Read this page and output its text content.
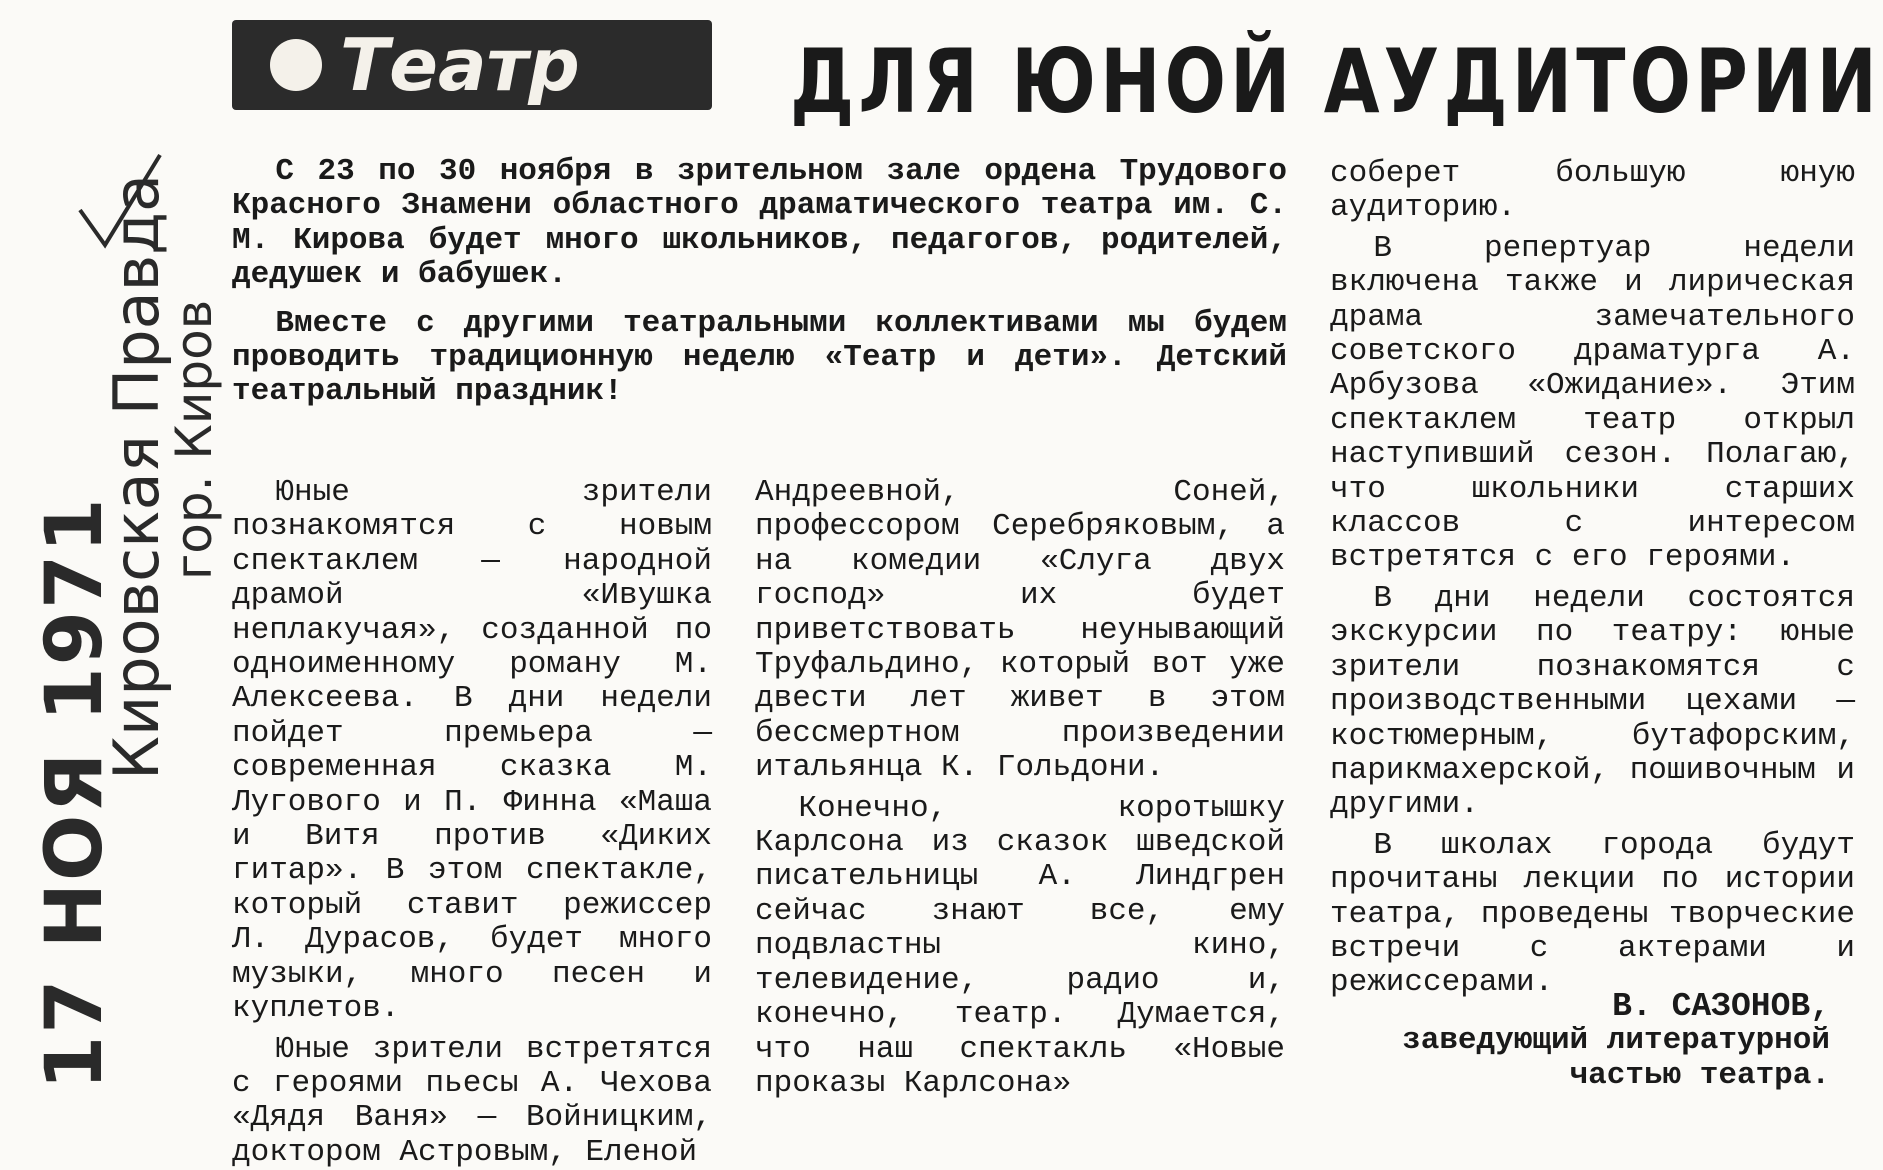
17 НОЯ 1971
Кировская Правда
гор. Киров
Театр ДЛЯ ЮНОЙ АУДИТОРИИ

С 23 по 30 ноября в зрительном зале ордена Трудового Красного Знамени областного драматического театра им. С. М. Кирова будет много школьников, педагогов, родителей, дедушек и бабушек.

Вместе с другими театральными коллективами мы будем проводить традиционную неделю «Театр и дети». Детский театральный праздник!

Юные зрители познакомятся с новым спектаклем — народной драмой «Ивушка неплакучая», созданной по одноименному роману М. Алексеева. В дни недели пойдет премьера — современная сказка М. Лугового и П. Финна «Маша и Витя против «Диких гитар». В этом спектакле, который ставит режиссер Л. Дурасов, будет много музыки, много песен и куплетов.

Юные зрители встретятся с героями пьесы А. Чехова «Дядя Ваня» — Войницким, доктором Астровым, Еленой

Андреевной, Соней, профессором Серебряковым, а на комедии «Слуга двух господ» их будет приветствовать неунывающий Труфальдино, который вот уже двести лет живет в этом бессмертном произведении итальянца К. Гольдони.

Конечно, коротышку Карлсона из сказок шведской писательницы А. Линдгрен сейчас знают все, ему подвластны кино, телевидение, радио и, конечно, театр. Думается, что наш спектакль «Новые проказы Карлсона»

соберет большую юную аудиторию.

В репертуар недели включена также и лирическая драма замечательного советского драматурга А. Арбузова «Ожидание». Этим спектаклем театр открыл наступивший сезон. Полагаю, что школьники старших классов с интересом встретятся с его героями.

В дни недели состоятся экскурсии по театру: юные зрители познакомятся с производственными цехами — костюмерным, бутафорским, парикмахерской, пошивочным и другими.

В школах города будут прочитаны лекции по истории театра, проведены творческие встречи с актерами и режиссерами.

В. САЗОНОВ,
заведующий литературной частью театра.
